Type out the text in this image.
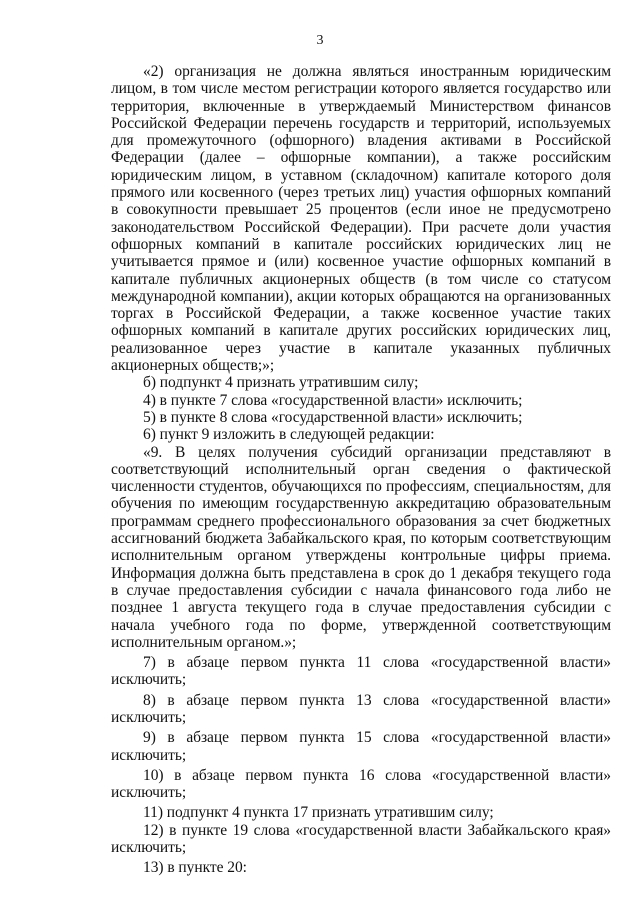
3

«2) организация не должна являться иностранным юридическим лицом, в том числе местом регистрации которого является государство или территория, включенные в утверждаемый Министерством финансов Российской Федерации перечень государств и территорий, используемых для промежуточного (офшорного) владения активами в Российской Федерации (далее – офшорные компании), а также российским юридическим лицом, в уставном (складочном) капитале которого доля прямого или косвенного (через третьих лиц) участия офшорных компаний в совокупности превышает 25 процентов (если иное не предусмотрено законодательством Российской Федерации). При расчете доли участия офшорных компаний в капитале российских юридических лиц не учитывается прямое и (или) косвенное участие офшорных компаний в капитале публичных акционерных обществ (в том числе со статусом международной компании), акции которых обращаются на организованных торгах в Российской Федерации, а также косвенное участие таких офшорных компаний в капитале других российских юридических лиц, реализованное через участие в капитале указанных публичных акционерных обществ;»;

б) подпункт 4 признать утратившим силу;

4) в пункте 7 слова «государственной власти» исключить;

5) в пункте 8 слова «государственной власти» исключить;

6) пункт 9 изложить в следующей редакции:

«9. В целях получения субсидий организации представляют в соответствующий исполнительный орган сведения о фактической численности студентов, обучающихся по профессиям, специальностям, для обучения по имеющим государственную аккредитацию образовательным программам среднего профессионального образования за счет бюджетных ассигнований бюджета Забайкальского края, по которым соответствующим исполнительным органом утверждены контрольные цифры приема. Информация должна быть представлена в срок до 1 декабря текущего года в случае предоставления субсидии с начала финансового года либо не позднее 1 августа текущего года в случае предоставления субсидии с начала учебного года по форме, утвержденной соответствующим исполнительным органом.»;

7) в абзаце первом пункта 11 слова «государственной власти» исключить;

8) в абзаце первом пункта 13 слова «государственной власти» исключить;

9) в абзаце первом пункта 15 слова «государственной власти» исключить;

10) в абзаце первом пункта 16 слова «государственной власти» исключить;

11) подпункт 4 пункта 17 признать утратившим силу;

12) в пункте 19 слова «государственной власти Забайкальского края» исключить;

13) в пункте 20:
